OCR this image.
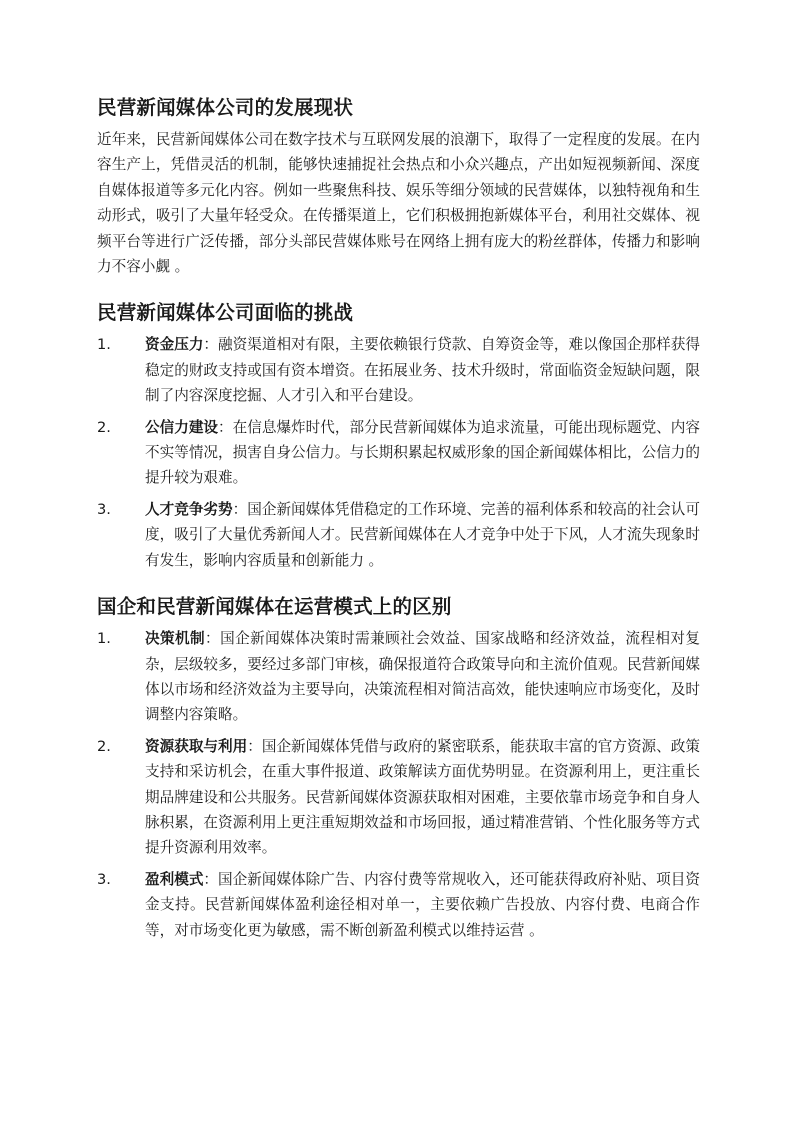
民营新闻媒体公司的发展现状

近年来，民营新闻媒体公司在数字技术与互联网发展的浪潮下，取得了一定程度的发展。在内容生产上，凭借灵活的机制，能够快速捕捉社会热点和小众兴趣点，产出如短视频新闻、深度自媒体报道等多元化内容。例如一些聚焦科技、娱乐等细分领域的民营媒体，以独特视角和生动形式，吸引了大量年轻受众。在传播渠道上，它们积极拥抱新媒体平台，利用社交媒体、视频平台等进行广泛传播，部分头部民营媒体账号在网络上拥有庞大的粉丝群体，传播力和影响力不容小觑 。

民营新闻媒体公司面临的挑战
1.	资金压力：融资渠道相对有限，主要依赖银行贷款、自筹资金等，难以像国企那样获得稳定的财政支持或国有资本增资。在拓展业务、技术升级时，常面临资金短缺问题，限制了内容深度挖掘、人才引入和平台建设。
2.	公信力建设：在信息爆炸时代，部分民营新闻媒体为追求流量，可能出现标题党、内容不实等情况，损害自身公信力。与长期积累起权威形象的国企新闻媒体相比，公信力的提升较为艰难。
3.	人才竞争劣势：国企新闻媒体凭借稳定的工作环境、完善的福利体系和较高的社会认可度，吸引了大量优秀新闻人才。民营新闻媒体在人才竞争中处于下风，人才流失现象时有发生，影响内容质量和创新能力 。
国企和民营新闻媒体在运营模式上的区别
1.	决策机制：国企新闻媒体决策时需兼顾社会效益、国家战略和经济效益，流程相对复杂，层级较多，要经过多部门审核，确保报道符合政策导向和主流价值观。民营新闻媒体以市场和经济效益为主要导向，决策流程相对简洁高效，能快速响应市场变化，及时调整内容策略。
2.	资源获取与利用：国企新闻媒体凭借与政府的紧密联系，能获取丰富的官方资源、政策支持和采访机会，在重大事件报道、政策解读方面优势明显。在资源利用上，更注重长期品牌建设和公共服务。民营新闻媒体资源获取相对困难，主要依靠市场竞争和自身人脉积累，在资源利用上更注重短期效益和市场回报，通过精准营销、个性化服务等方式提升资源利用效率。
3.	盈利模式：国企新闻媒体除广告、内容付费等常规收入，还可能获得政府补贴、项目资金支持。民营新闻媒体盈利途径相对单一，主要依赖广告投放、内容付费、电商合作等，对市场变化更为敏感，需不断创新盈利模式以维持运营 。
